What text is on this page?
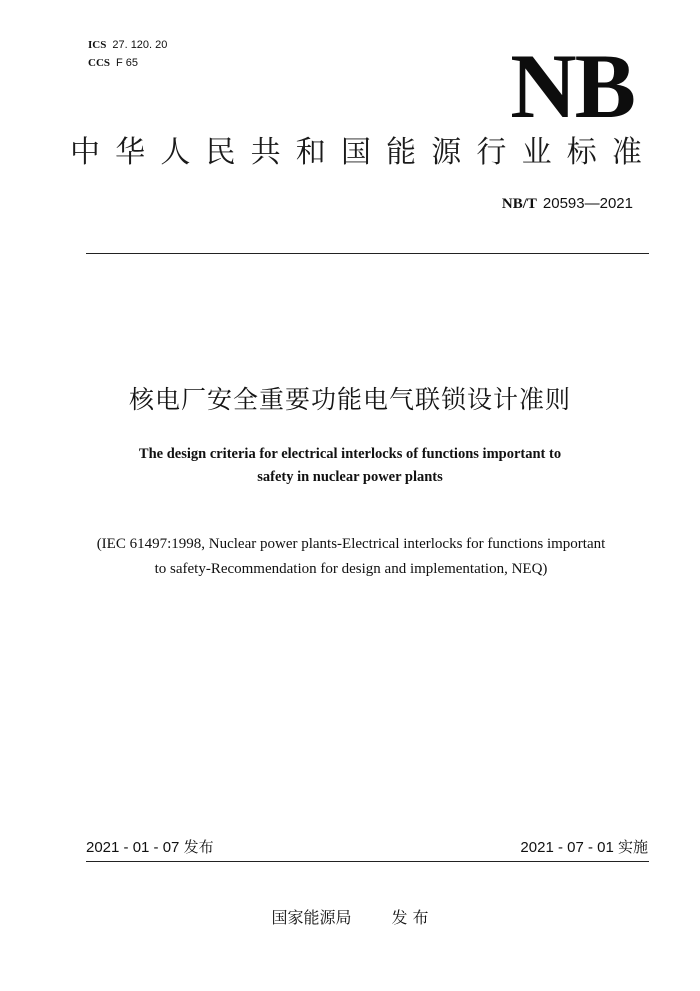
ICS 27. 120. 20
CCS F 65	NB
中 华 人 民 共 和 国 能 源 行 业 标 准
NB/T 20593—2021
核电厂安全重要功能电气联锁设计准则
The design criteria for electrical interlocks of functions important to
safety in nuclear power plants
(IEC 61497:1998, Nuclear power plants-Electrical interlocks for functions important
to safety-Recommendation for design and implementation, NEQ)
2021 - 01 - 07 发布	2021 - 07 - 01 实施
国家能源局	发 布
